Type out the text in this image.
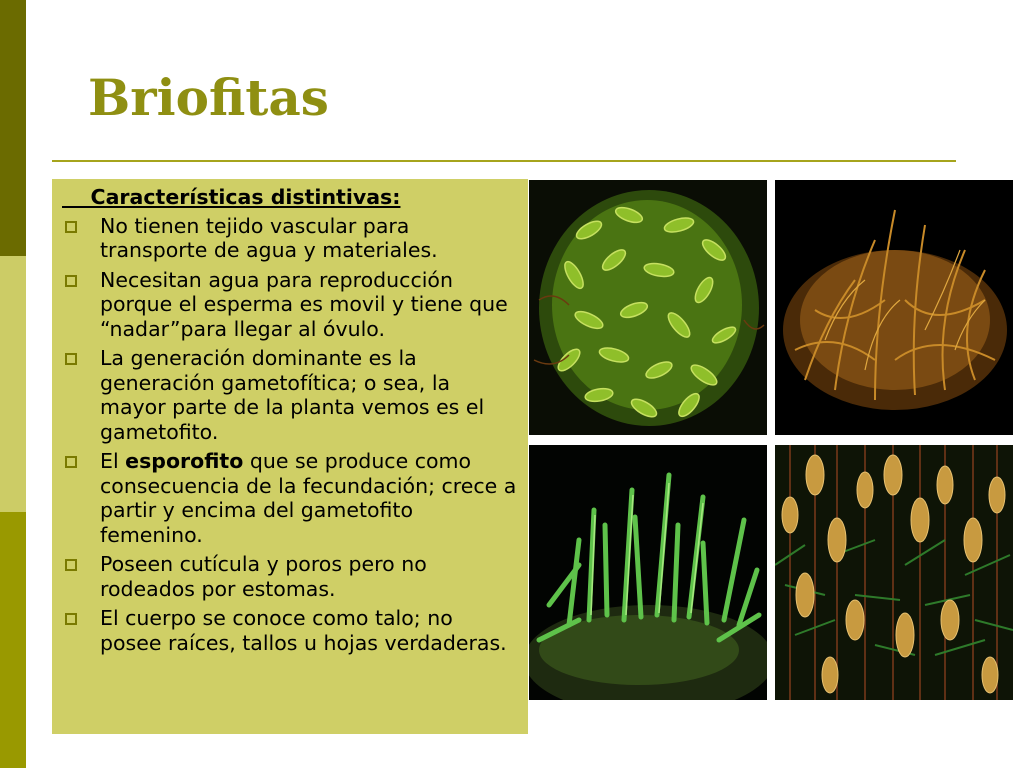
Briofitas
Características distintivas:
No tienen tejido vascular para transporte de agua y materiales.
Necesitan agua para reproducción porque el esperma es movil y tiene que “nadar”para llegar al óvulo.
La generación dominante es la generación gametofítica; o sea, la mayor parte de la planta vemos es el gametofito.
El esporofito que se produce como consecuencia de la fecundación; crece a partir y encima del gametofito femenino.
Poseen cutícula y poros pero no rodeados por estomas.
El cuerpo se conoce como talo; no posee raíces, tallos u hojas verdaderas.
